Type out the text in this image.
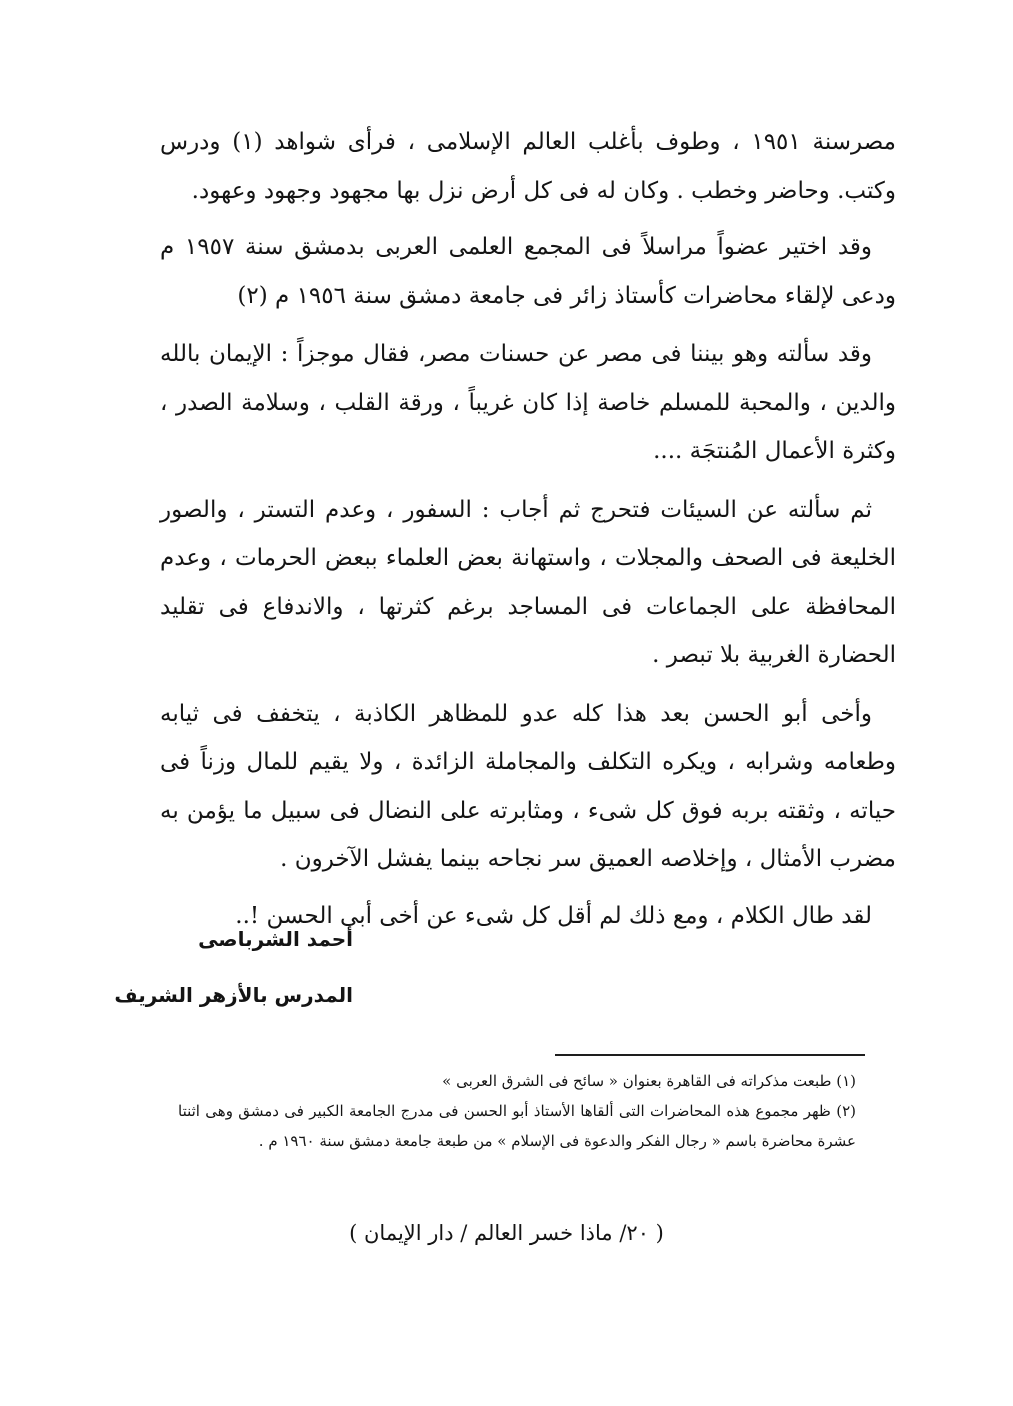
مصرسنة ١٩٥١ ، وطوف بأغلب العالم الإسلامى ، فرأى شواهد (١) ودرس وكتب. وحاضر وخطب . وكان له فى كل أرض نزل بها مجهود وجهود وعهود.

وقد اختير عضواً مراسلاً فى المجمع العلمى العربى بدمشق سنة ١٩٥٧ م ودعى لإلقاء محاضرات كأستاذ زائر فى جامعة دمشق سنة ١٩٥٦ م (٢)

وقد سألته وهو بيننا فى مصر عن حسنات مصر، فقال موجزاً : الإيمان بالله والدين ، والمحبة للمسلم خاصة إذا كان غريباً ، ورقة القلب ، وسلامة الصدر ، وكثرة الأعمال المُنتجَة ....

ثم سألته عن السيئات فتحرج ثم أجاب : السفور ، وعدم التستر ، والصور الخليعة فى الصحف والمجلات ، واستهانة بعض العلماء ببعض الحرمات ، وعدم المحافظة على الجماعات فى المساجد برغم كثرتها ، والاندفاع فى تقليد الحضارة الغربية بلا تبصر .

وأخى أبو الحسن بعد هذا كله عدو للمظاهر الكاذبة ، يتخفف فى ثيابه وطعامه وشرابه ، ويكره التكلف والمجاملة الزائدة ، ولا يقيم للمال وزناً فى حياته ، وثقته بربه فوق كل شىء ، ومثابرته على النضال فى سبيل ما يؤمن به مضرب الأمثال ، وإخلاصه العميق سر نجاحه بينما يفشل الآخرون .

لقد طال الكلام ، ومع ذلك لم أقل كل شىء عن أخى أبى الحسن !..

أحمد الشرباصى
المدرس بالأزهر الشريف

(١) طبعت مذكراته فى القاهرة بعنوان « سائح فى الشرق العربى »

(٢) ظهر مجموع هذه المحاضرات التى ألقاها الأستاذ أبو الحسن فى مدرج الجامعة الكبير فى دمشق وهى اثنتا عشرة محاضرة باسم « رجال الفكر والدعوة فى الإسلام » من طبعة جامعة دمشق سنة ١٩٦٠ م .

( ٢٠/ ماذا خسر العالم / دار الإيمان )
